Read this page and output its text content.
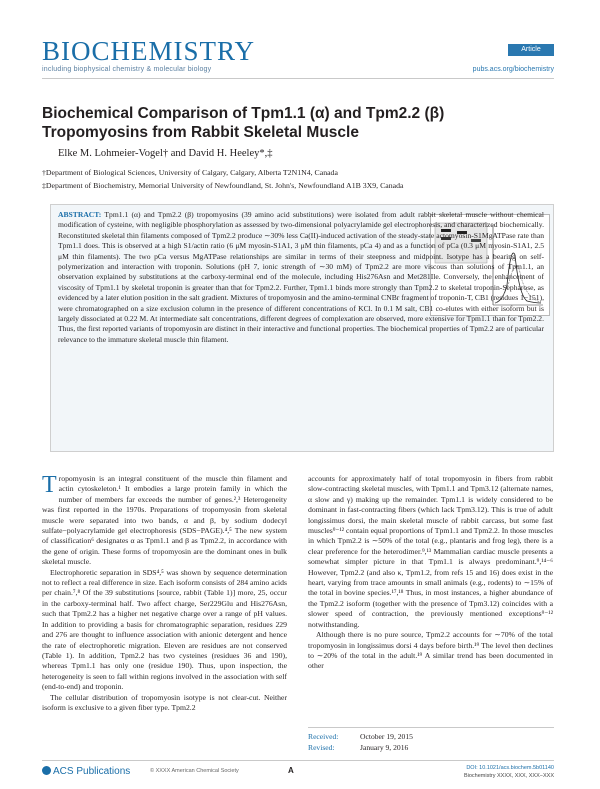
BIOCHEMISTRY
including biophysical chemistry & molecular biology
Article
pubs.acs.org/biochemistry
Biochemical Comparison of Tpm1.1 (α) and Tpm2.2 (β) Tropomyosins from Rabbit Skeletal Muscle
Elke M. Lohmeier-Vogel† and David H. Heeley*,‡
†Department of Biological Sciences, University of Calgary, Calgary, Alberta T2N1N4, Canada
‡Department of Biochemistry, Memorial University of Newfoundland, St. John's, Newfoundland A1B 3X9, Canada
ABSTRACT: Tpm1.1 (α) and Tpm2.2 (β) tropomyosins (39 amino acid substitutions) were isolated from adult rabbit skeletal muscle without chemical modification of cysteine, with negligible phosphorylation as assessed by two-dimensional polyacrylamide gel electrophoresis, and characterized biochemically. Reconstituted skeletal thin filaments composed of Tpm2.2 produce ∼30% less Ca(II)-induced activation of the steady-state actomyosin-S1MgATPase rate than Tpm1.1 does. This is observed at a high S1/actin ratio (6 μM myosin-S1A1, 3 μM thin filaments, pCa 4) and as a function of pCa (0.3 μM myosin-S1A1, 2.5 μM thin filaments). The two pCa versus MgATPase relationships are similar in terms of their steepness and midpoint. Isotype has a bearing on self-polymerization and interaction with troponin. Solutions (pH 7, ionic strength of ∼30 mM) of Tpm2.2 are more viscous than solutions of Tpm1.1, an observation explained by substitutions at the carboxy-terminal end of the molecule, including His276Asn and Met281Ile. Conversely, the enhancement of viscosity of Tpm1.1 by skeletal troponin is greater than that for Tpm2.2. Further, Tpm1.1 binds more strongly than Tpm2.2 to skeletal troponin-Sepharose, as evidenced by a later elution position in the salt gradient. Mixtures of tropomyosin and the amino-terminal CNBr fragment of troponin-T, CB1 (residues 1−151), were chromatographed on a size exclusion column in the presence of different concentrations of KCl. In 0.1 M salt, CB1 co-elutes with either isoform but is largely dissociated at 0.22 M. At intermediate salt concentrations, different degrees of complexation are observed, more extensive for Tpm1.1 than for Tpm2.2. Thus, the first reported variants of tropomyosin are distinct in their interactive and functional properties. The biochemical properties of Tpm2.2 are of particular relevance to the immature skeletal muscle thin filament.

Tropomyosin is an integral constituent of the muscle thin filament and actin cytoskeleton.¹ It embodies a large protein family in which the number of members far exceeds the number of genes.²,³ Heterogeneity was first reported in the 1970s. Preparations of tropomyosin from skeletal muscle were separated into two bands, α and β, by sodium dodecyl sulfate−polyacrylamide gel electrophoresis (SDS−PAGE).⁴,⁵ The new system of classification⁶ designates α as Tpm1.1 and β as Tpm2.2, in accordance with the gene of origin. These forms of tropomyosin are the dominant ones in bulk skeletal muscle.

Electrophoretic separation in SDS⁴,⁵ was shown by sequence determination not to reflect a real difference in size. Each isoform consists of 284 amino acids per chain.⁷,⁸ Of the 39 substitutions [source, rabbit (Table 1)] more, 25, occur in the carboxy-terminal half. Two affect charge, Ser229Glu and His276Asn, such that Tpm2.2 has a higher net negative charge over a range of pH values. In addition to providing a basis for chromatographic separation, residues 229 and 276 are thought to influence association with anionic detergent and hence the rate of electrophoretic migration. Eleven are residues are not conserved (Table 1). In addition, Tpm2.2 has two cysteines (residues 36 and 190), whereas Tpm1.1 has only one (residue 190). Thus, upon inspection, the heterogeneity is seen to fall within regions involved in the association with self (end-to-end) and troponin.

The cellular distribution of tropomyosin isotype is not clear-cut. Neither isoform is exclusive to a given fiber type. Tpm2.2

accounts for approximately half of total tropomyosin in fibers from rabbit slow-contracting skeletal muscles, with Tpm1.1 and Tpm3.12 (alternate names, α slow and γ) making up the remainder. Tpm1.1 is widely considered to be dominant in fast-contracting fibers (which lack Tpm3.12). This is true of adult longissimus dorsi, the main skeletal muscle of rabbit carcass, but some fast muscles⁹⁻¹² contain equal proportions of Tpm1.1 and Tpm2.2. In those muscles in which Tpm2.2 is ∼50% of the total (e.g., plantaris and frog leg), there is a clear preference for the heterodimer.⁹,¹³ Mammalian cardiac muscle presents a somewhat simpler picture in that Tpm1.1 is always predominant.⁹,¹⁴⁻⁶ However, Tpm2.2 (and also κ, Tpm1.2, from refs 15 and 16) does exist in the heart, varying from trace amounts in small animals (e.g., rodents) to ∼15% of the total in bovine species.¹⁷,¹⁸ Thus, in most instances, a higher abundance of the Tpm2.2 isoform (together with the presence of Tpm3.12) coincides with a slower speed of contraction, the previously mentioned exceptions⁹⁻¹² notwithstanding.

Although there is no pure source, Tpm2.2 accounts for ∼70% of the total tropomyosin in longissimus dorsi 4 days before birth.¹⁹ The level then declines to ∼20% of the total in the adult.¹⁹ A similar trend has been documented in other

Received:	October 19, 2015
Revised:	January 9, 2016
ACS Publications	© XXXX American Chemical Society	A	DOI: 10.1021/acs.biochem.5b01140
Biochemistry XXXX, XXX, XXX−XXX
